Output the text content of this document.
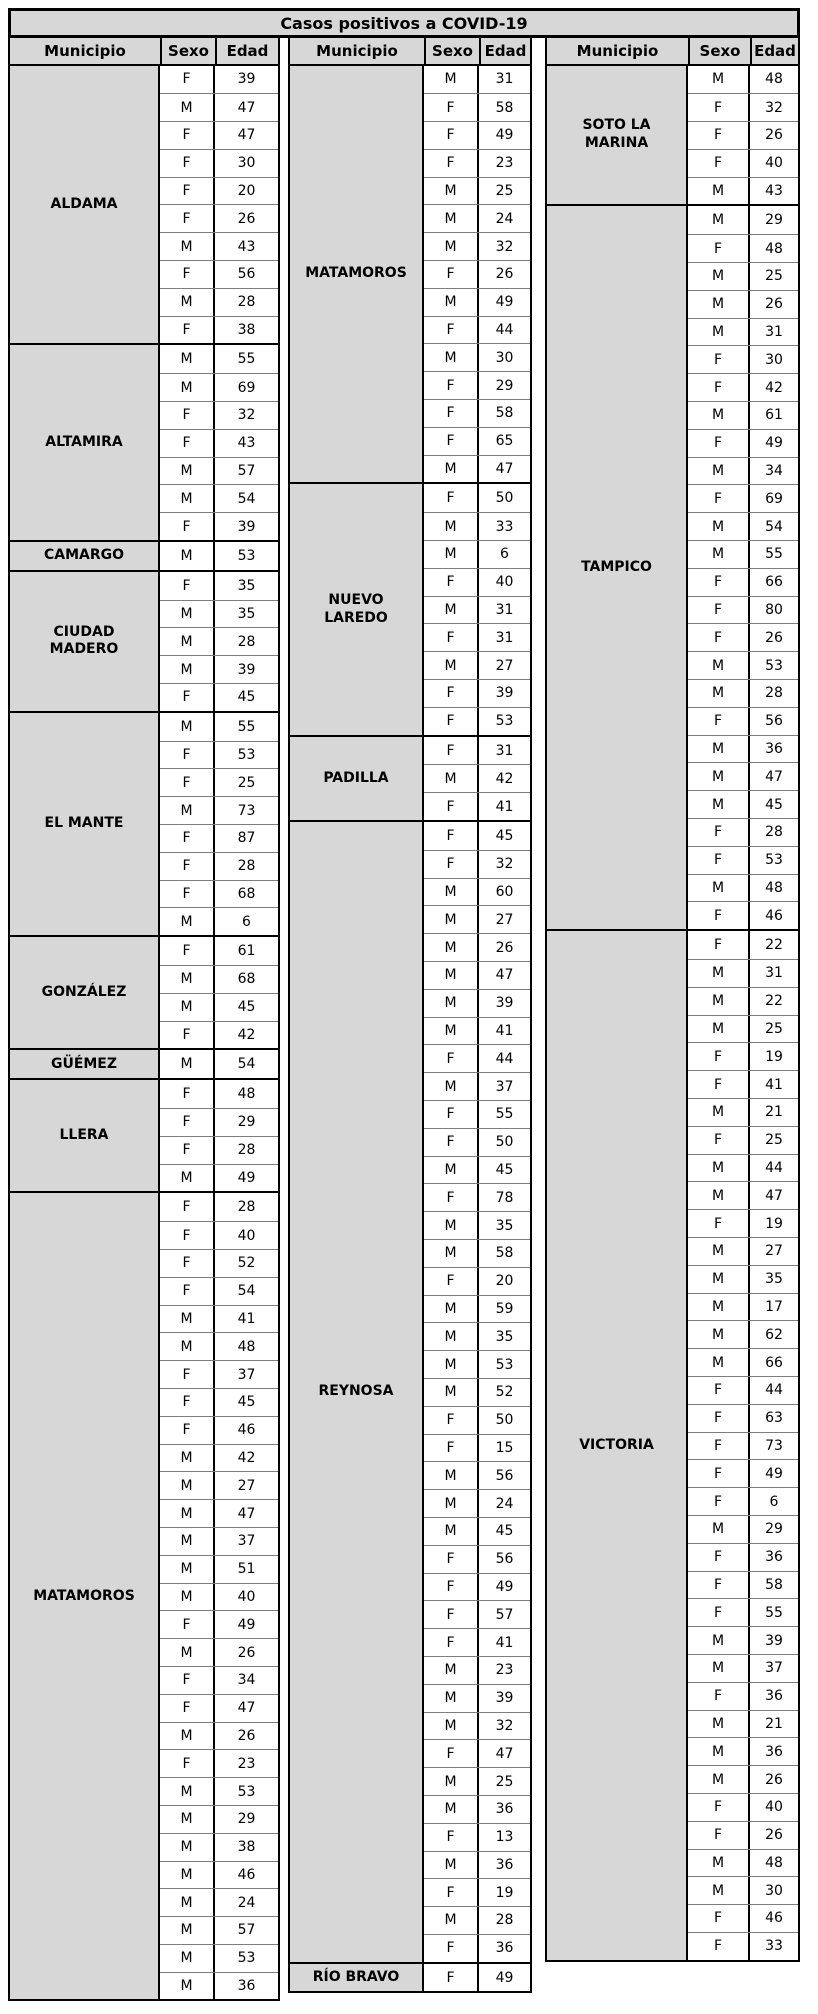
Casos positivos a COVID-19
Municipio	Sexo	Edad
ALDAMA
F	39
M	47
F	47
F	30
F	20
F	26
M	43
F	56
M	28
F	38
ALTAMIRA
M	55
M	69
F	32
F	43
M	57
M	54
F	39
CAMARGO	M	53
CIUDAD MADERO
F	35
M	35
M	28
M	39
F	45
EL MANTE
M	55
F	53
F	25
M	73
F	87
F	28
F	68
M	6
GONZÁLEZ
F	61
M	68
M	45
F	42
GÜÉMEZ	M	54
LLERA
F	48
F	29
F	28
M	49
MATAMOROS
F	28
F	40
F	52
F	54
M	41
M	48
F	37
F	45
F	46
M	42
M	27
M	47
M	37
M	51
M	40
F	49
M	26
F	34
F	47
M	26
F	23
M	53
M	29
M	38
M	46
M	24
M	57
M	53
M	36
Municipio	Sexo Edad
MATAMOROS
M	31
F	58
F	49
F	23
M	25
M	24
M	32
F	26
M	49
F	44
M	30
F	29
F	58
F	65
M	47
NUEVO LAREDO
F	50
M	33
M	6
F	40
M	31
F	31
M	27
F	39
F	53
PADILLA
F	31
M	42
F	41
REYNOSA
F	45
F	32
M	60
M	27
M	26
M	47
M	39
M	41
F	44
M	37
F	55
F	50
M	45
F	78
M	35
M	58
F	20
M	59
M	35
M	53
M	52
F	50
F	15
M	56
M	24
M	45
F	56
F	49
F	57
F	41
M	23
M	39
M	32
F	47
M	25
M	36
F	13
M	36
F	19
M	28
F	36
RÍO BRAVO	F	49
Municipio	Sexo Edad
SOTO LA MARINA
M	48
F	32
F	26
F	40
M	43
TAMPICO
M	29
F	48
M	25
M	26
M	31
F	30
F	42
M	61
F	49
M	34
F	69
M	54
M	55
F	66
F	80
F	26
M	53
M	28
F	56
M	36
M	47
M	45
F	28
F	53
M	48
F	46
VICTORIA
F	22
M	31
M	22
M	25
F	19
F	41
M	21
F	25
M	44
M	47
F	19
M	27
M	35
M	17
M	62
M	66
F	44
F	63
F	73
F	49
F	6
M	29
F	36
F	58
F	55
M	39
M	37
F	36
M	21
M	36
M	26
F	40
F	26
M	48
M	30
F	46
F	33
